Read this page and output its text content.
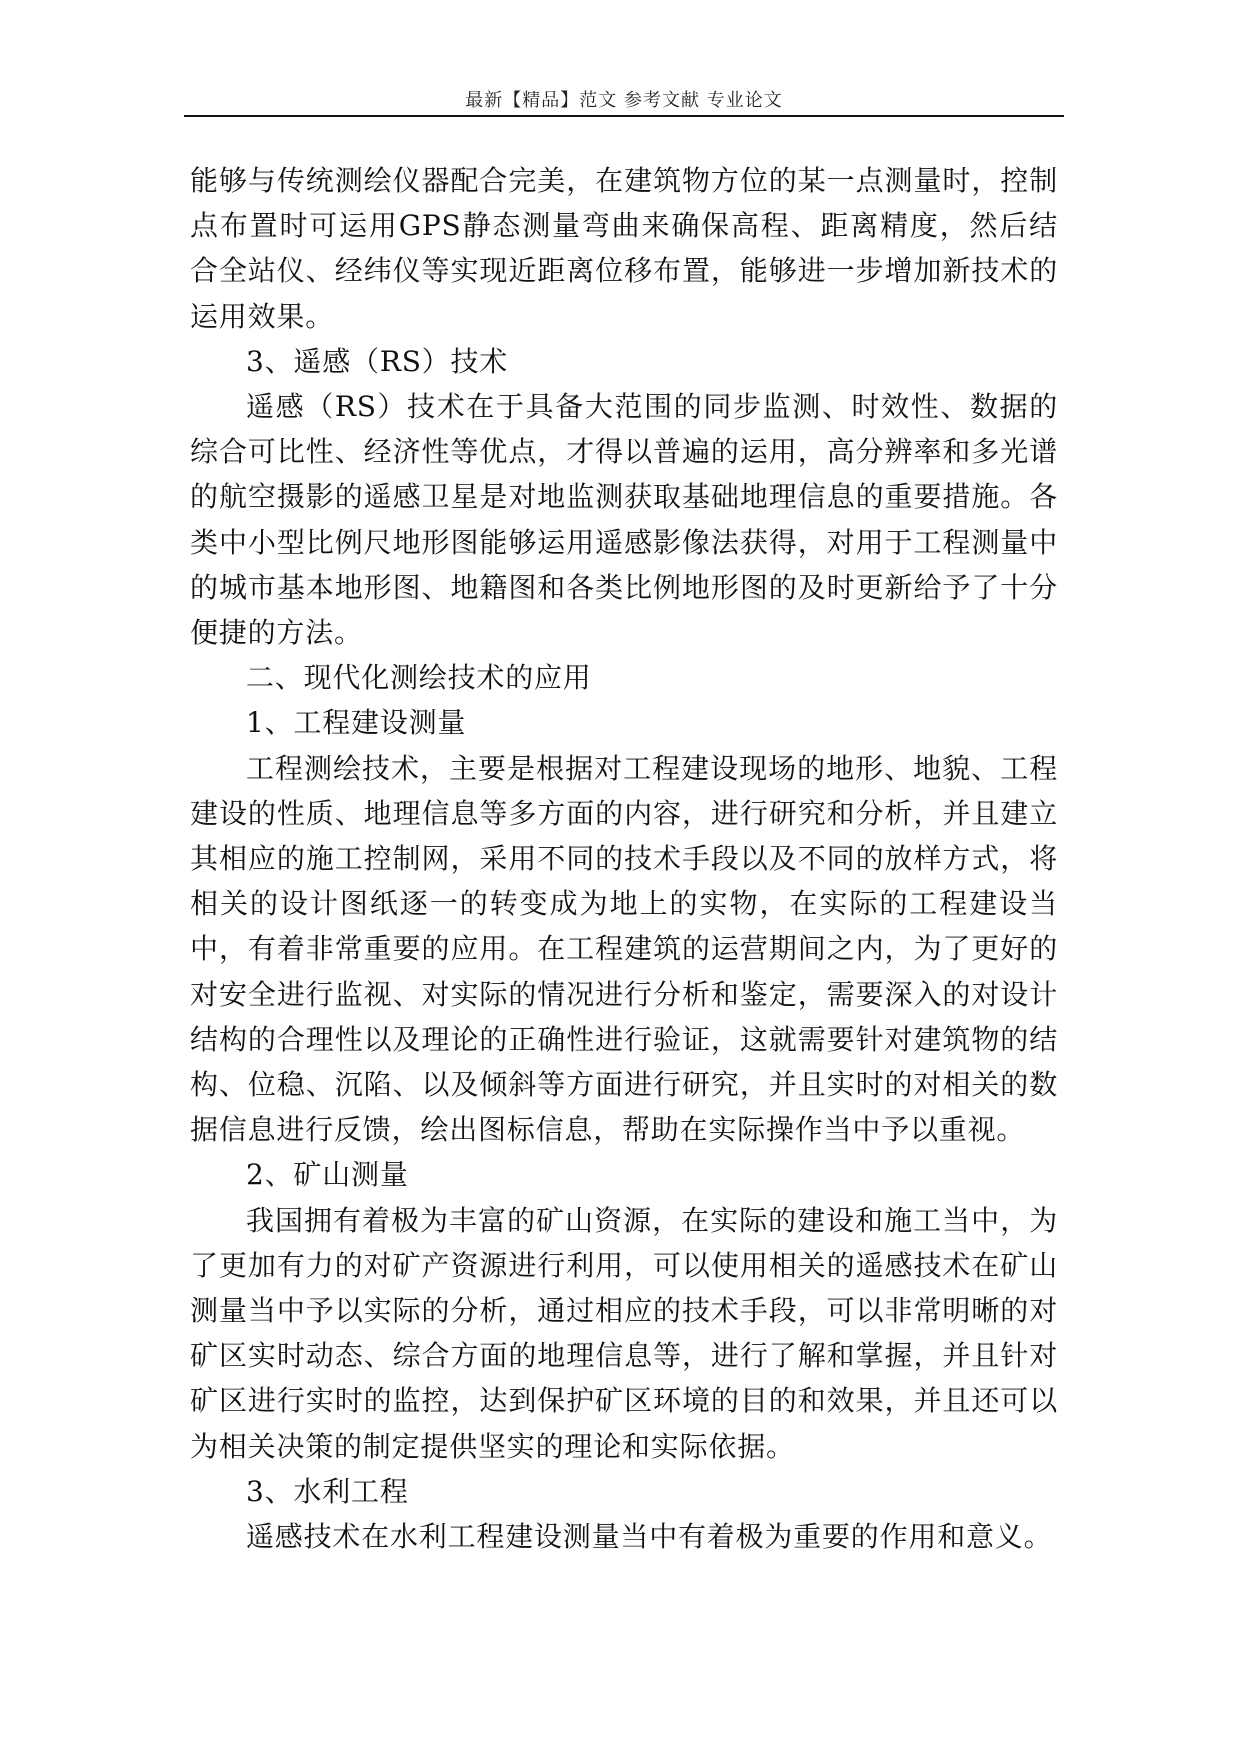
最新【精品】范文 参考文献 专业论文

能够与传统测绘仪器配合完美，在建筑物方位的某一点测量时，控制点布置时可运用GPS静态测量弯曲来确保高程、距离精度，然后结合全站仪、经纬仪等实现近距离位移布置，能够进一步增加新技术的运用效果。

3、遥感（RS）技术

遥感（RS）技术在于具备大范围的同步监测、时效性、数据的综合可比性、经济性等优点，才得以普遍的运用，高分辨率和多光谱的航空摄影的遥感卫星是对地监测获取基础地理信息的重要措施。各类中小型比例尺地形图能够运用遥感影像法获得，对用于工程测量中的城市基本地形图、地籍图和各类比例地形图的及时更新给予了十分便捷的方法。

二、现代化测绘技术的应用

1、工程建设测量

工程测绘技术，主要是根据对工程建设现场的地形、地貌、工程建设的性质、地理信息等多方面的内容，进行研究和分析，并且建立其相应的施工控制网，采用不同的技术手段以及不同的放样方式，将相关的设计图纸逐一的转变成为地上的实物，在实际的工程建设当中，有着非常重要的应用。在工程建筑的运营期间之内，为了更好的对安全进行监视、对实际的情况进行分析和鉴定，需要深入的对设计结构的合理性以及理论的正确性进行验证，这就需要针对建筑物的结构、位稳、沉陷、以及倾斜等方面进行研究，并且实时的对相关的数据信息进行反馈，绘出图标信息，帮助在实际操作当中予以重视。

2、矿山测量

我国拥有着极为丰富的矿山资源，在实际的建设和施工当中，为了更加有力的对矿产资源进行利用，可以使用相关的遥感技术在矿山测量当中予以实际的分析，通过相应的技术手段，可以非常明晰的对矿区实时动态、综合方面的地理信息等，进行了解和掌握，并且针对矿区进行实时的监控，达到保护矿区环境的目的和效果，并且还可以为相关决策的制定提供坚实的理论和实际依据。

3、水利工程

遥感技术在水利工程建设测量当中有着极为重要的作用和意义。
